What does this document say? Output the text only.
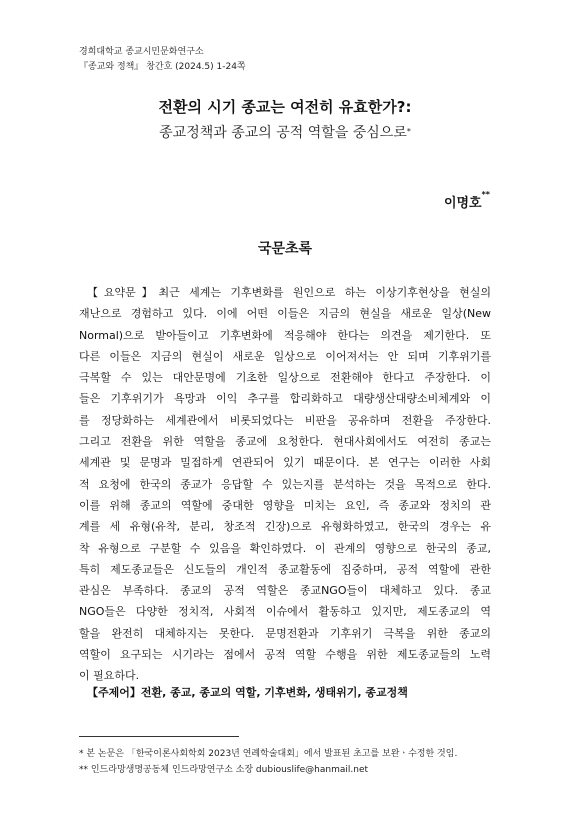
경희대학교 종교시민문화연구소
『종교와 정책』 창간호 (2024.5) 1-24쪽
전환의 시기 종교는 여전히 유효한가?:
종교정책과 종교의 공적 역할을 중심으로*
이명호**
국문초록
【요약문】최근 세계는 기후변화를 원인으로 하는 이상기후현상을 현실의
재난으로 경험하고 있다. 이에 어떤 이들은 지금의 현실을 새로운 일상(New
Normal)으로 받아들이고 기후변화에 적응해야 한다는 의견을 제기한다. 또
다른 이들은 지금의 현실이 새로운 일상으로 이어져서는 안 되며 기후위기를
극복할 수 있는 대안문명에 기초한 일상으로 전환해야 한다고 주장한다. 이
들은 기후위기가 욕망과 이익 추구를 합리화하고 대량생산대량소비체계와 이
를 정당화하는 세계관에서 비롯되었다는 비판을 공유하며 전환을 주장한다.
그리고 전환을 위한 역할을 종교에 요청한다. 현대사회에서도 여전히 종교는
세계관 및 문명과 밀접하게 연관되어 있기 때문이다. 본 연구는 이러한 사회
적 요청에 한국의 종교가 응답할 수 있는지를 분석하는 것을 목적으로 한다.
이를 위해 종교의 역할에 중대한 영향을 미치는 요인, 즉 종교와 정치의 관
계를 세 유형(유착, 분리, 창조적 긴장)으로 유형화하였고, 한국의 경우는 유
착 유형으로 구분할 수 있음을 확인하였다. 이 관계의 영향으로 한국의 종교,
특히 제도종교들은 신도들의 개인적 종교활동에 집중하며, 공적 역할에 관한
관심은 부족하다. 종교의 공적 역할은 종교NGO들이 대체하고 있다. 종교
NGO들은 다양한 정치적, 사회적 이슈에서 활동하고 있지만, 제도종교의 역
할을 완전히 대체하지는 못한다. 문명전환과 기후위기 극복을 위한 종교의
역할이 요구되는 시기라는 점에서 공적 역할 수행을 위한 제도종교들의 노력
이 필요하다.
【주제어】전환, 종교, 종교의 역할, 기후변화, 생태위기, 종교정책
* 본 논문은 「한국이론사회학회 2023년 연례학술대회」에서 발표된 초고를 보완ㆍ수정한 것임.
** 인드라망생명공동체 인드라망연구소 소장 dubiouslife@hanmail.net
